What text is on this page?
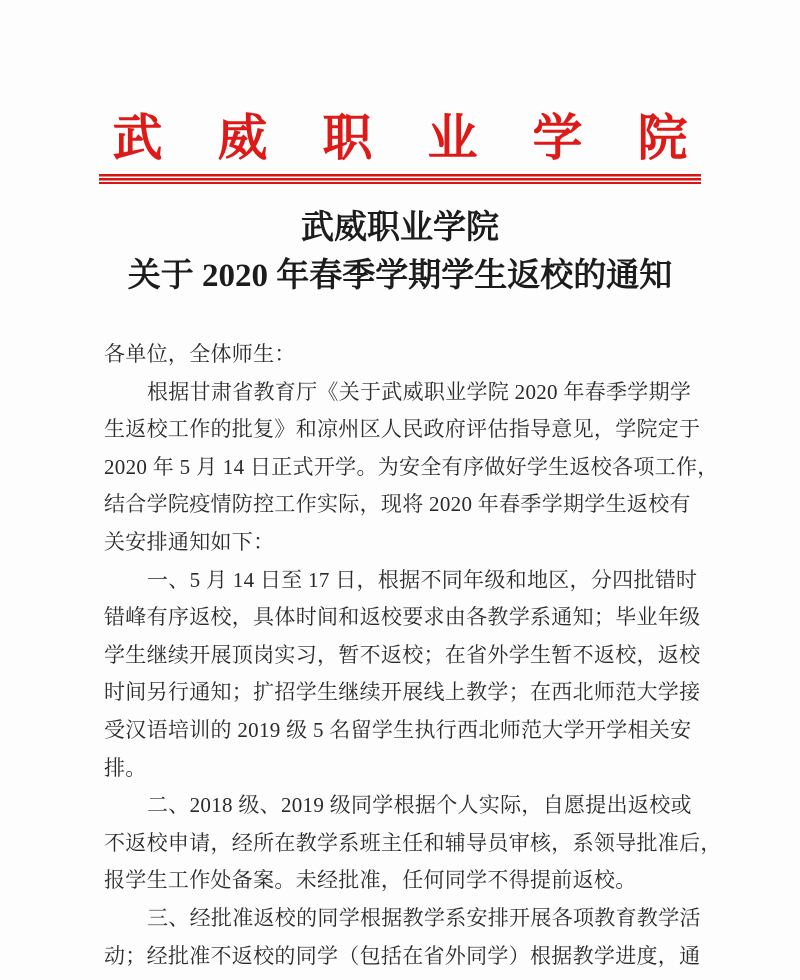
武威职业学院
武威职业学院
关于 2020 年春季学期学生返校的通知
各单位，全体师生：
根据甘肃省教育厅《关于武威职业学院 2020 年春季学期学
生返校工作的批复》和凉州区人民政府评估指导意见，学院定于
2020 年 5 月 14 日正式开学。为安全有序做好学生返校各项工作，
结合学院疫情防控工作实际，现将 2020 年春季学期学生返校有
关安排通知如下：
一、5 月 14 日至 17 日，根据不同年级和地区，分四批错时
错峰有序返校，具体时间和返校要求由各教学系通知；毕业年级
学生继续开展顶岗实习，暂不返校；在省外学生暂不返校，返校
时间另行通知；扩招学生继续开展线上教学；在西北师范大学接
受汉语培训的 2019 级 5 名留学生执行西北师范大学开学相关安
排。
二、2018 级、2019 级同学根据个人实际，自愿提出返校或
不返校申请，经所在教学系班主任和辅导员审核，系领导批准后，
报学生工作处备案。未经批准，任何同学不得提前返校。
三、经批准返校的同学根据教学系安排开展各项教育教学活
动；经批准不返校的同学（包括在省外同学）根据教学进度，通
